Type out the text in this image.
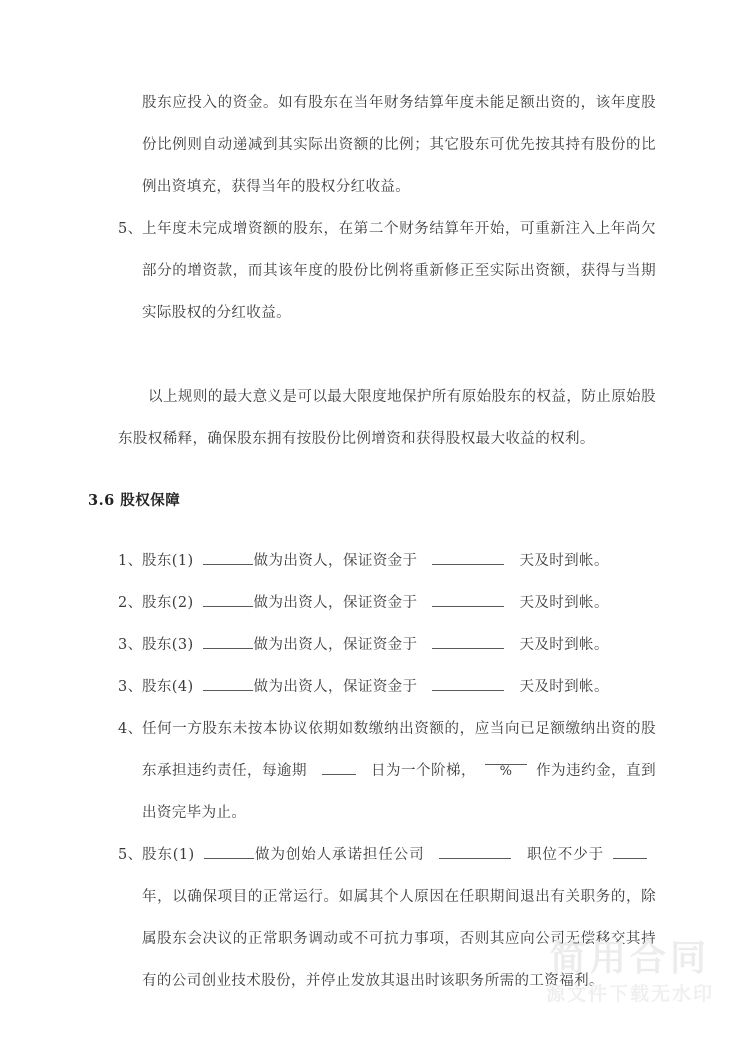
股东应投入的资金。如有股东在当年财务结算年度未能足额出资的，该年度股份比例则自动递减到其实际出资额的比例；其它股东可优先按其持有股份的比例出资填充，获得当年的股权分红收益。

5、 上年度未完成增资额的股东，在第二个财务结算年开始，可重新注入上年尚欠部分的增资款，而其该年度的股份比例将重新修正至实际出资额，获得与当期实际股权的分红收益。

以上规则的最大意义是可以最大限度地保护所有原始股东的权益，防止原始股东股权稀释，确保股东拥有按股份比例增资和获得股权最大收益的权利。

3.6 股权保障

1、 股东(1)	做为出资人，保证资金于	天及时到帐。

2、 股东(2)	做为出资人，保证资金于	天及时到帐。

3、 股东(3)	做为出资人，保证资金于	天及时到帐。

3、 股东(4)	做为出资人，保证资金于	天及时到帐。

4、 任何一方股东未按本协议依期如数缴纳出资额的，应当向已足额缴纳出资的股东承担违约责任，每逾期	日为一个阶梯， % 作为违约金，直到出资完毕为止。

5、 股东(1)	做为创始人承诺担任公司	职位不少于年，以确保项目的正常运行。如属其个人原因在任职期间退出有关职务的，除属股东会决议的正常职务调动或不可抗力事项，否则其应向公司无偿移交其持有的公司创业技术股份，并停止发放其退出时该职务所需的工资福利。

简用合同
源文件下载无水印
